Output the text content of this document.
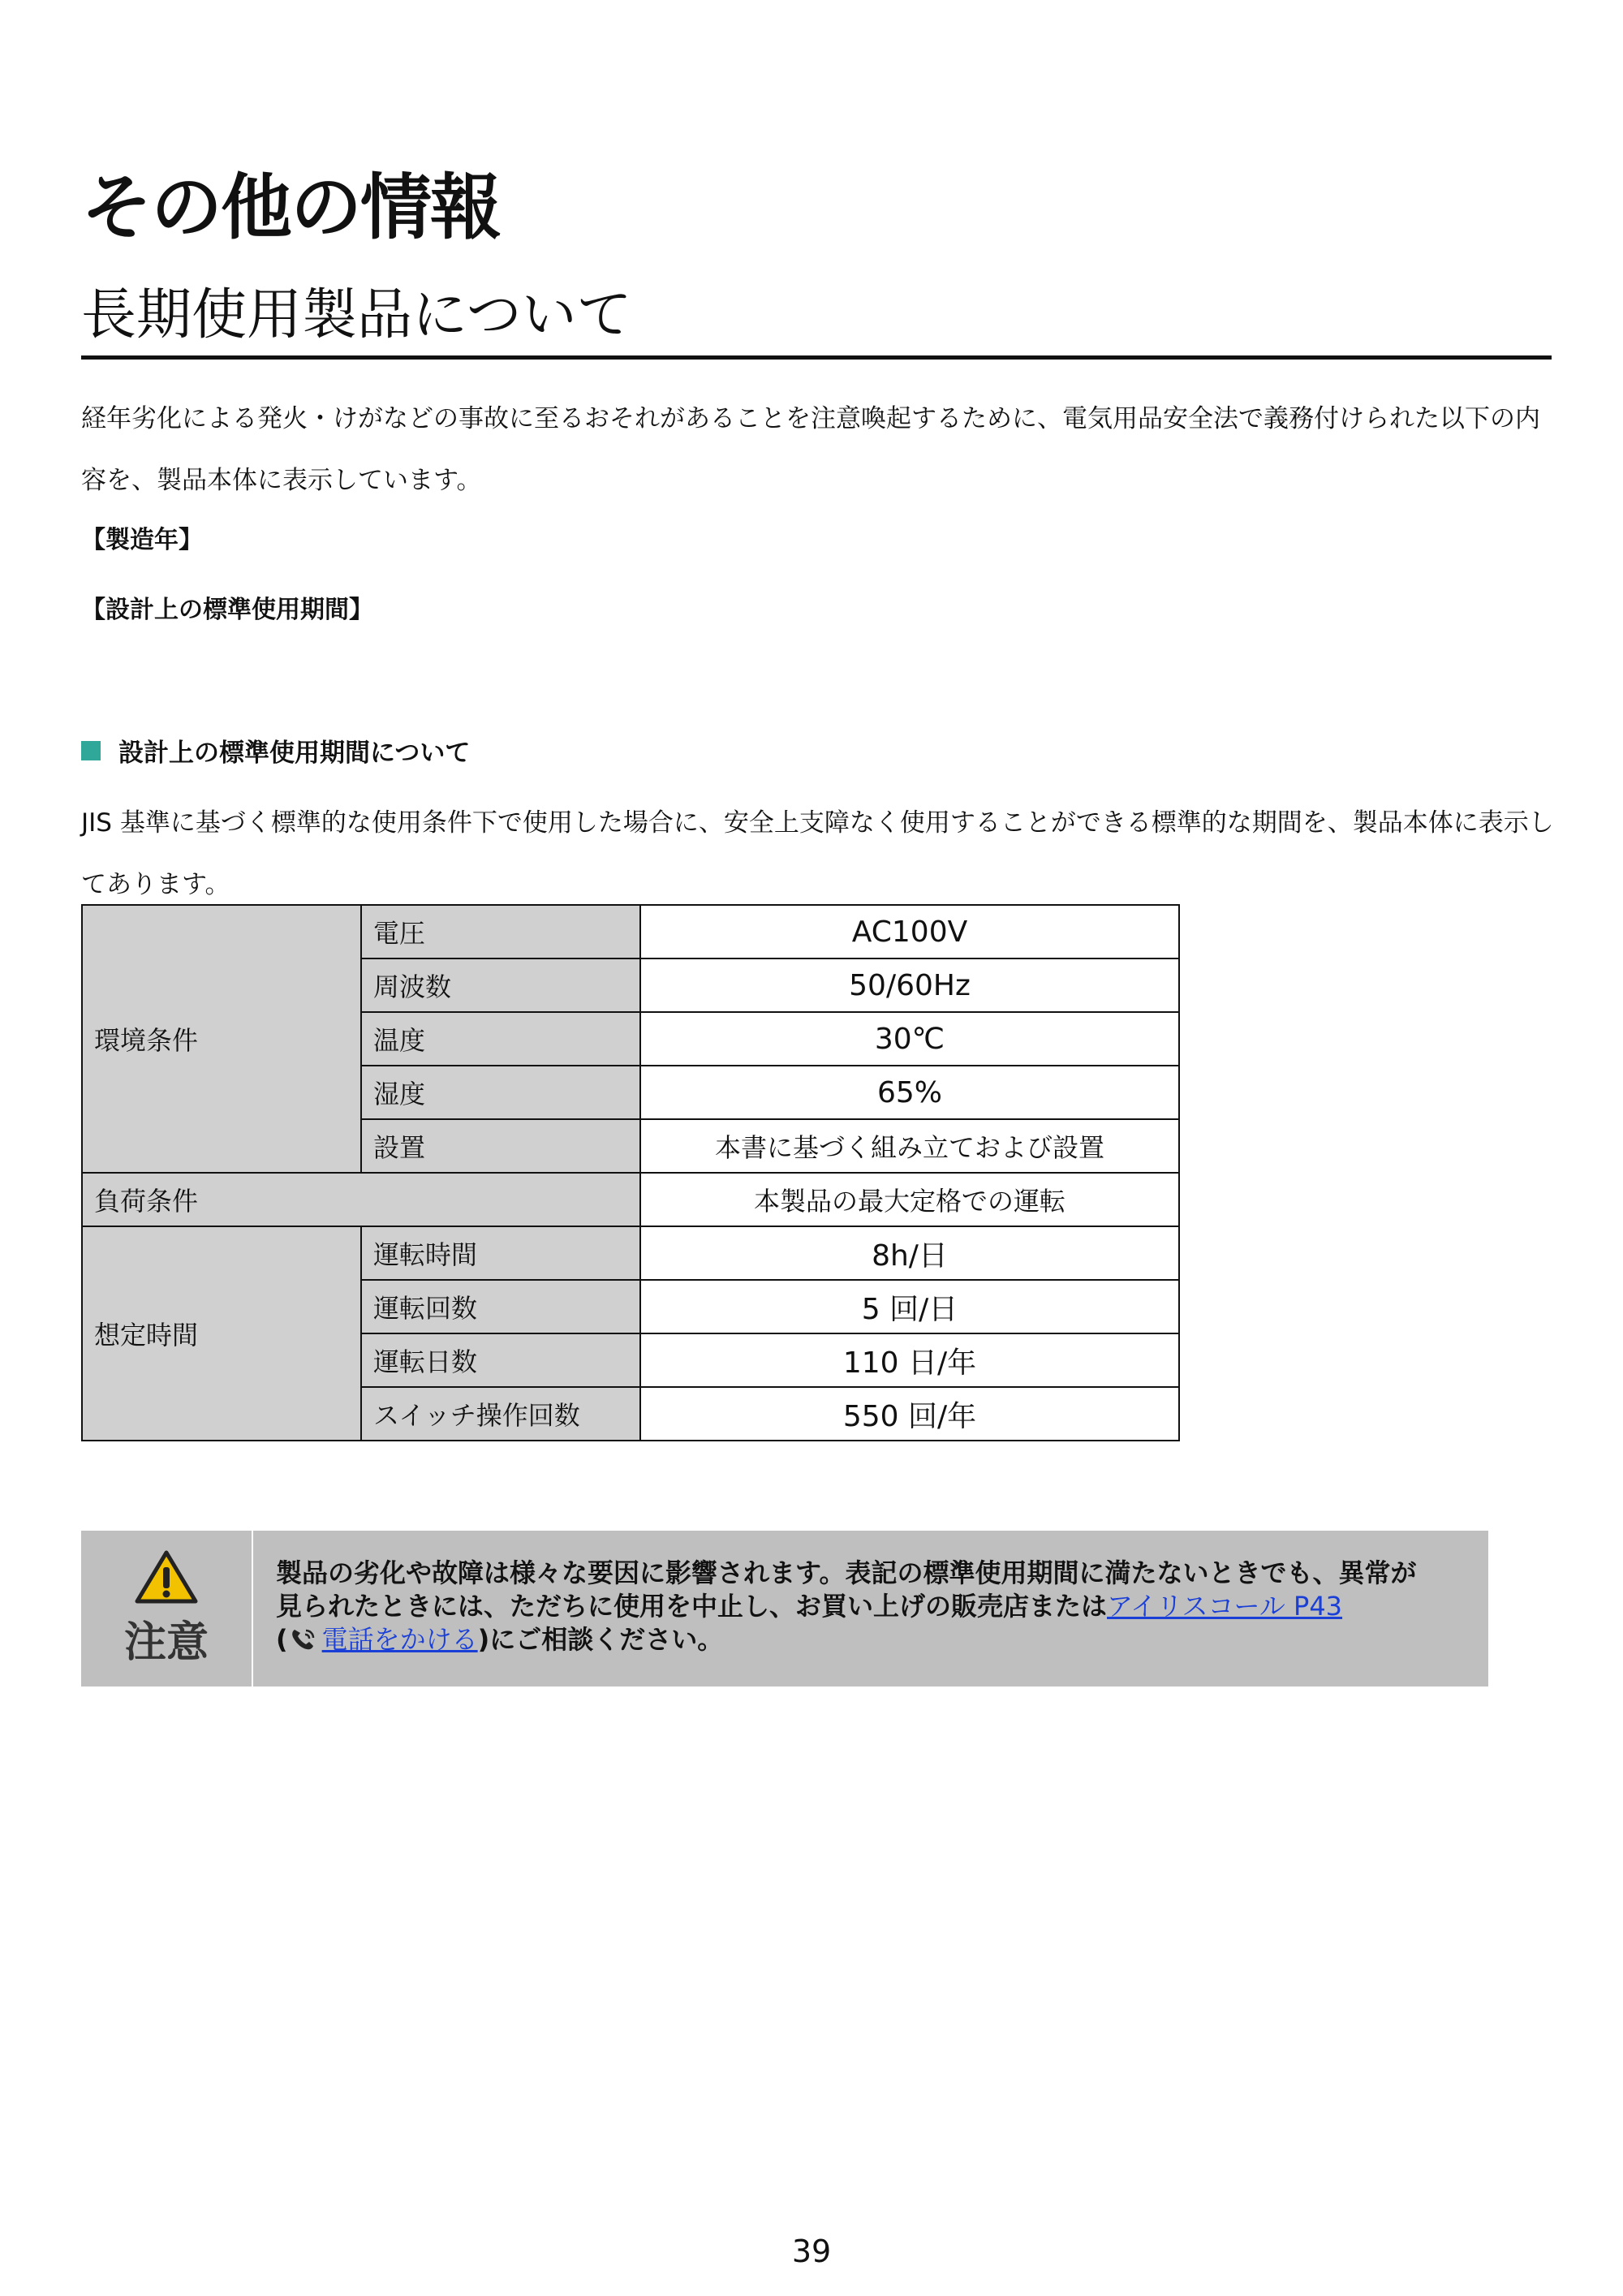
その他の情報
長期使用製品について

経年劣化による発火・けがなどの事故に至るおそれがあることを注意喚起するために、電気用品安全法で義務付けられた以下の内容を、製品本体に表示しています。

【製造年】

【設計上の標準使用期間】

設計上の標準使用期間について

JIS 基準に基づく標準的な使用条件下で使用した場合に、安全上支障なく使用することができる標準的な期間を、製品本体に表示してあります。

環境条件	電圧	AC100V
	周波数	50/60Hz
	温度	30℃
	湿度	65%
	設置	本書に基づく組み立ておよび設置
負荷条件		本製品の最大定格での運転
想定時間	運転時間	8h/日
	運転回数	5 回/日
	運転日数	110 日/年
	スイッチ操作回数	550 回/年
注意
製品の劣化や故障は様々な要因に影響されます。表記の標準使用期間に満たないときでも、異常が
見られたときには、ただちに使用を中止し、お買い上げの販売店またはアイリスコール P43
( 電話をかける)にご相談ください。

39
